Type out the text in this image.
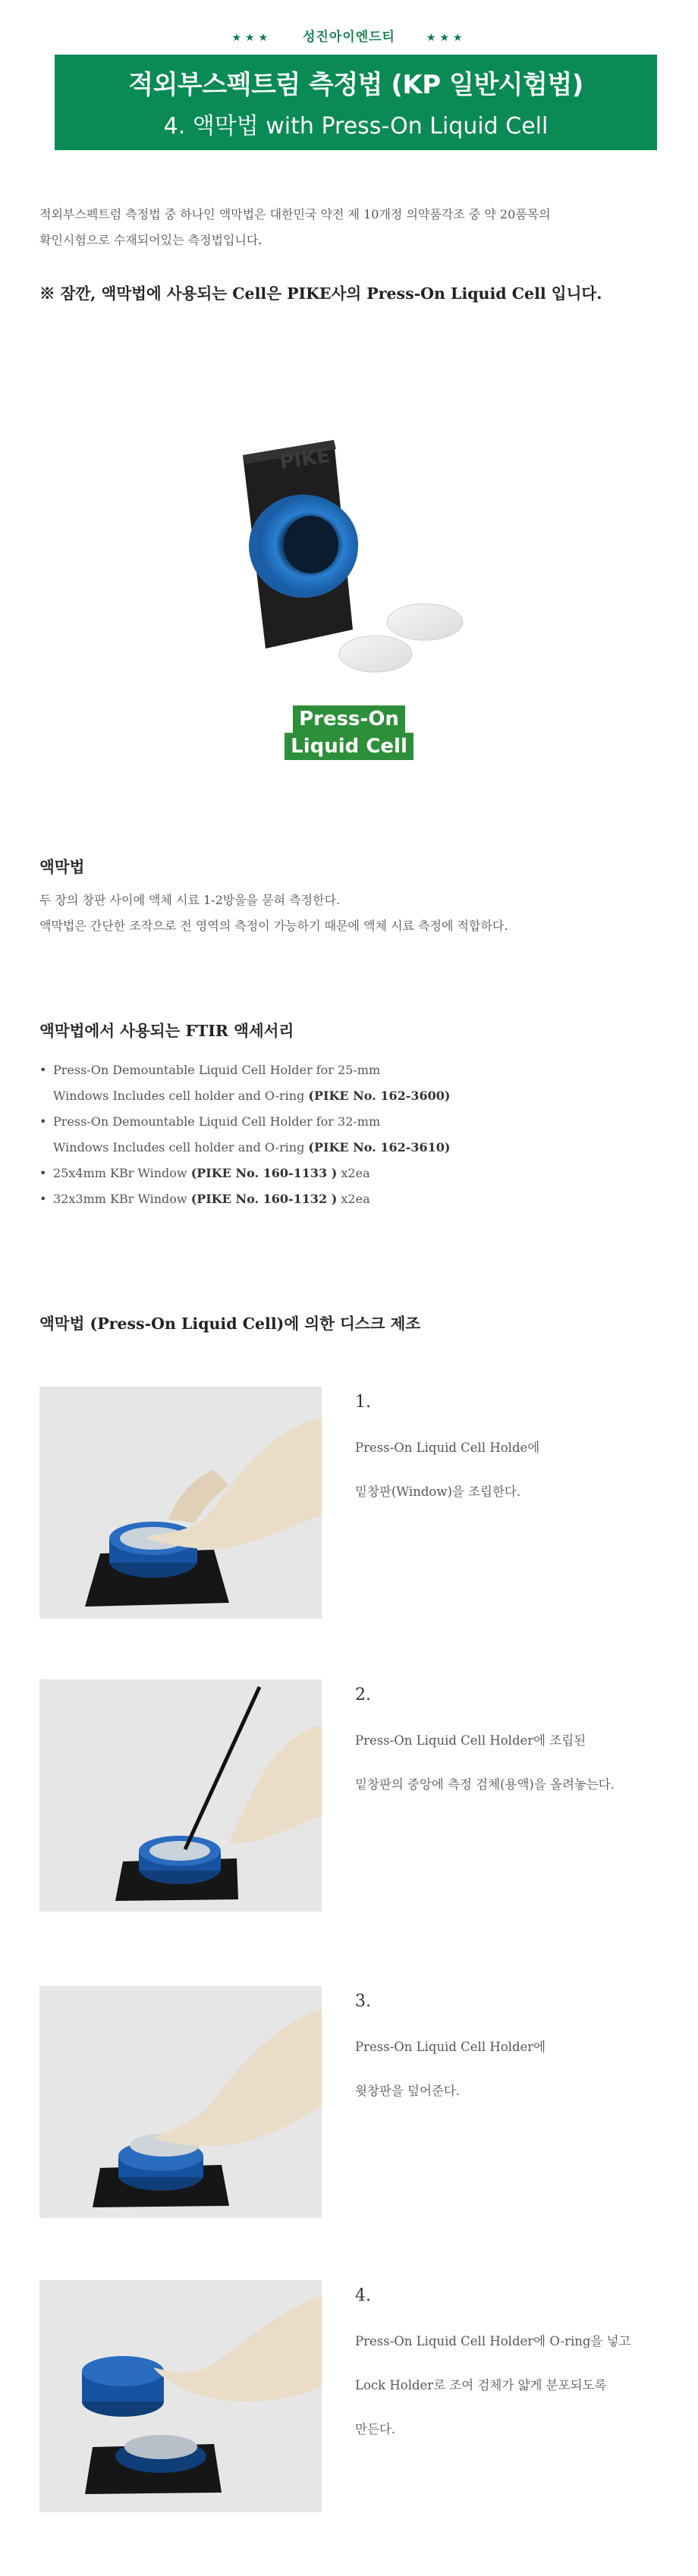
★★★ 성진아이엔드티	★★★
적외부스펙트럼 측정법 (KP 일반시험법)
4. 액막법 with Press-On Liquid Cell
적외부스펙트럼 측정법 중 하나인 액막법은 대한민국 약전 제 10개정 의약품각조 중 약 20품목의
확인시험으로 수재되어있는 측정법입니다.
※ 잠깐, 액막법에 사용되는 Cell은 PIKE사의 Press-On Liquid Cell 입니다.
PIKE
Press-On
Liquid Cell
액막법
두 장의 창판 사이에 액체 시료 1-2방울을 묻혀 측정한다.
액막법은 간단한 조작으로 전 영역의 측정이 가능하기 때문에 액체 시료 측정에 적합하다.
액막법에서 사용되는 FTIR 액세서리
• Press-On Demountable Liquid Cell Holder for 25-mm
Windows Includes cell holder and O-ring (PIKE No. 162-3600)
• Press-On Demountable Liquid Cell Holder for 32-mm
Windows Includes cell holder and O-ring (PIKE No. 162-3610)
• 25x4mm KBr Window (PIKE No. 160-1133 ) x2ea
• 32x3mm KBr Window (PIKE No. 160-1132 ) x2ea
액막법 (Press-On Liquid Cell)에 의한 디스크 제조
1.
Press-On Liquid Cell Holde에
밑창판(Window)을 조립한다.
2.
Press-On Liquid Cell Holder에 조립된
밑창판의 중앙에 측정 검체(용액)을 올려놓는다.
3.
Press-On Liquid Cell Holder에
윗창판을 덮어준다.
4.
Press-On Liquid Cell Holder에 O-ring을 넣고
Lock Holder로 조여 검체가 얇게 분포되도록
만든다.
